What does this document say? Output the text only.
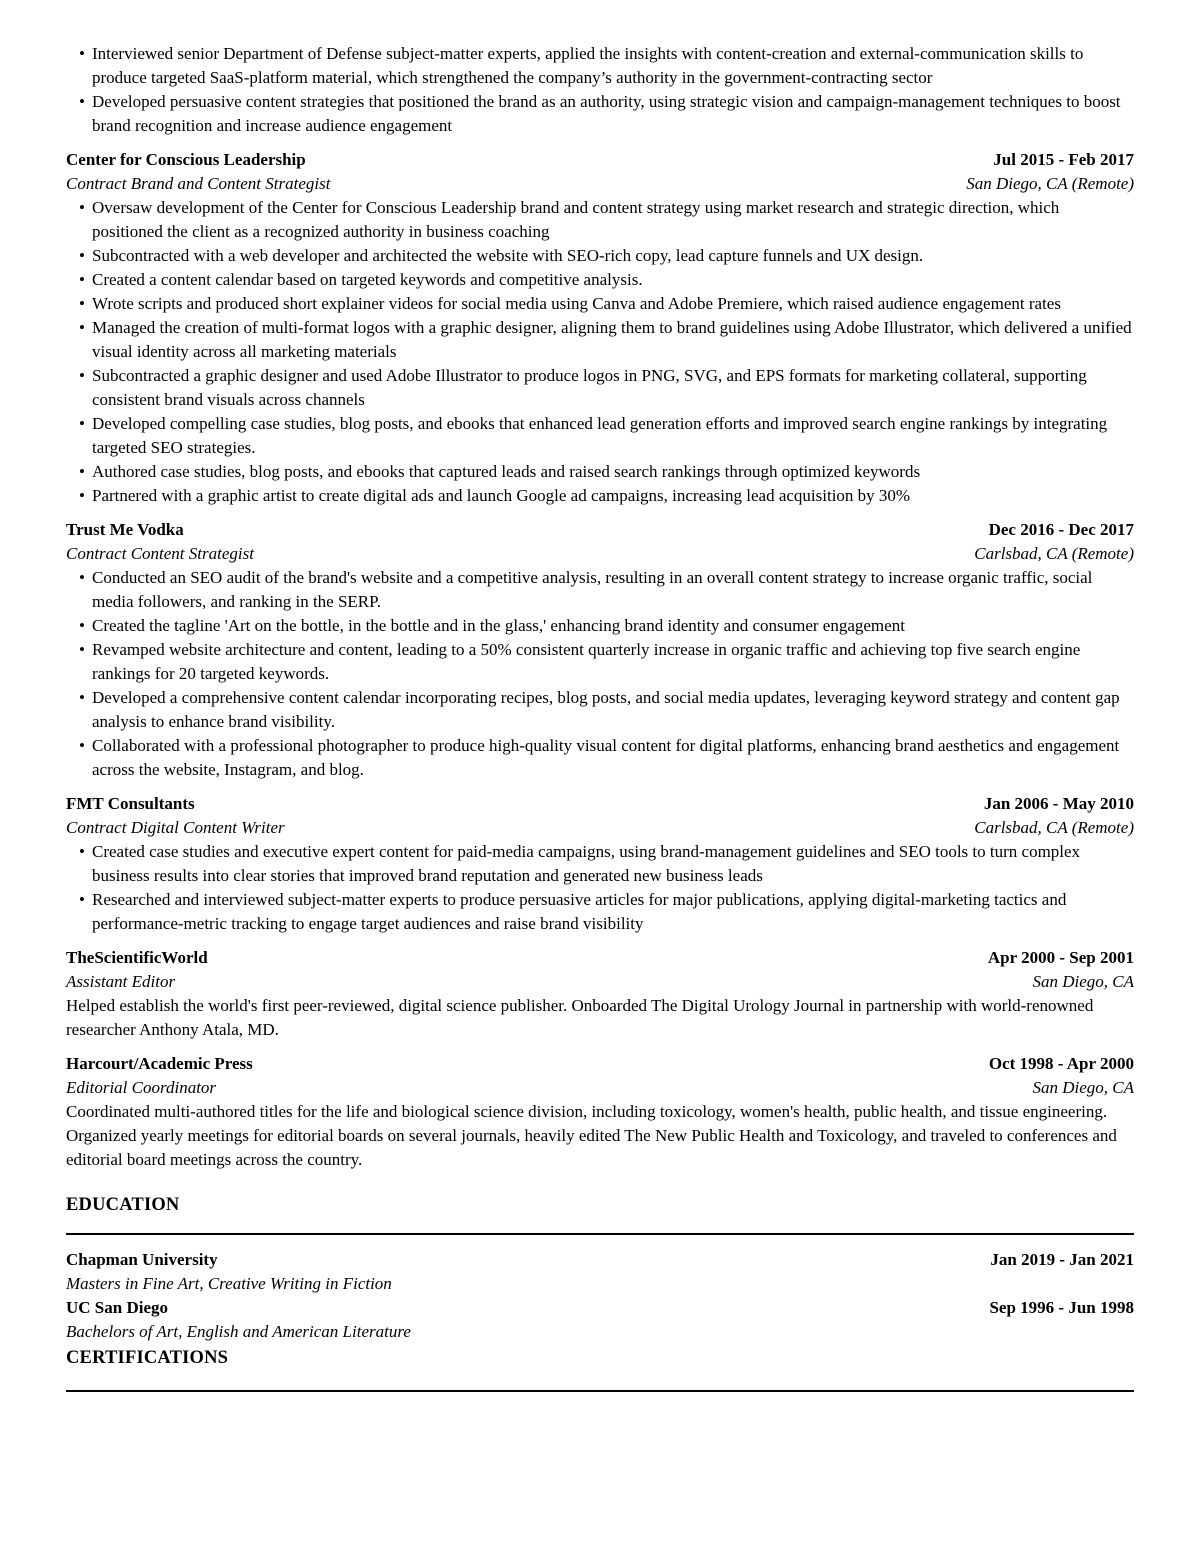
• Interviewed senior Department of Defense subject-matter experts, applied the insights with content-creation and external-communication skills to produce targeted SaaS-platform material, which strengthened the company’s authority in the government-contracting sector
• Developed persuasive content strategies that positioned the brand as an authority, using strategic vision and campaign-management techniques to boost brand recognition and increase audience engagement
Center for Conscious Leadership	Jul 2015 - Feb 2017
Contract Brand and Content Strategist	San Diego, CA (Remote)
• Oversaw development of the Center for Conscious Leadership brand and content strategy using market research and strategic direction, which positioned the client as a recognized authority in business coaching
• Subcontracted with a web developer and architected the website with SEO-rich copy, lead capture funnels and UX design.
• Created a content calendar based on targeted keywords and competitive analysis.
• Wrote scripts and produced short explainer videos for social media using Canva and Adobe Premiere, which raised audience engagement rates
• Managed the creation of multi-format logos with a graphic designer, aligning them to brand guidelines using Adobe Illustrator, which delivered a unified visual identity across all marketing materials
• Subcontracted a graphic designer and used Adobe Illustrator to produce logos in PNG, SVG, and EPS formats for marketing collateral, supporting consistent brand visuals across channels
• Developed compelling case studies, blog posts, and ebooks that enhanced lead generation efforts and improved search engine rankings by integrating targeted SEO strategies.
• Authored case studies, blog posts, and ebooks that captured leads and raised search rankings through optimized keywords
• Partnered with a graphic artist to create digital ads and launch Google ad campaigns, increasing lead acquisition by 30%
Trust Me Vodka	Dec 2016 - Dec 2017
Contract Content Strategist	Carlsbad, CA (Remote)
• Conducted an SEO audit of the brand's website and a competitive analysis, resulting in an overall content strategy to increase organic traffic, social media followers, and ranking in the SERP.
• Created the tagline 'Art on the bottle, in the bottle and in the glass,' enhancing brand identity and consumer engagement
• Revamped website architecture and content, leading to a 50% consistent quarterly increase in organic traffic and achieving top five search engine rankings for 20 targeted keywords.
• Developed a comprehensive content calendar incorporating recipes, blog posts, and social media updates, leveraging keyword strategy and content gap analysis to enhance brand visibility.
• Collaborated with a professional photographer to produce high-quality visual content for digital platforms, enhancing brand aesthetics and engagement across the website, Instagram, and blog.
FMT Consultants	Jan 2006 - May 2010
Contract Digital Content Writer	Carlsbad, CA (Remote)
• Created case studies and executive expert content for paid-media campaigns, using brand-management guidelines and SEO tools to turn complex business results into clear stories that improved brand reputation and generated new business leads
• Researched and interviewed subject-matter experts to produce persuasive articles for major publications, applying digital-marketing tactics and performance-metric tracking to engage target audiences and raise brand visibility
TheScientificWorld	Apr 2000 - Sep 2001
Assistant Editor	San Diego, CA

Helped establish the world's first peer-reviewed, digital science publisher. Onboarded The Digital Urology Journal in partnership with world-renowned researcher Anthony Atala, MD.

Harcourt/Academic Press	Oct 1998 - Apr 2000
Editorial Coordinator	San Diego, CA

Coordinated multi-authored titles for the life and biological science division, including toxicology, women's health, public health, and tissue engineering. Organized yearly meetings for editorial boards on several journals, heavily edited The New Public Health and Toxicology, and traveled to conferences and editorial board meetings across the country.

EDUCATION
Chapman University	Jan 2019 - Jan 2021
Masters in Fine Art, Creative Writing in Fiction
UC San Diego	Sep 1996 - Jun 1998
Bachelors of Art, English and American Literature
CERTIFICATIONS
